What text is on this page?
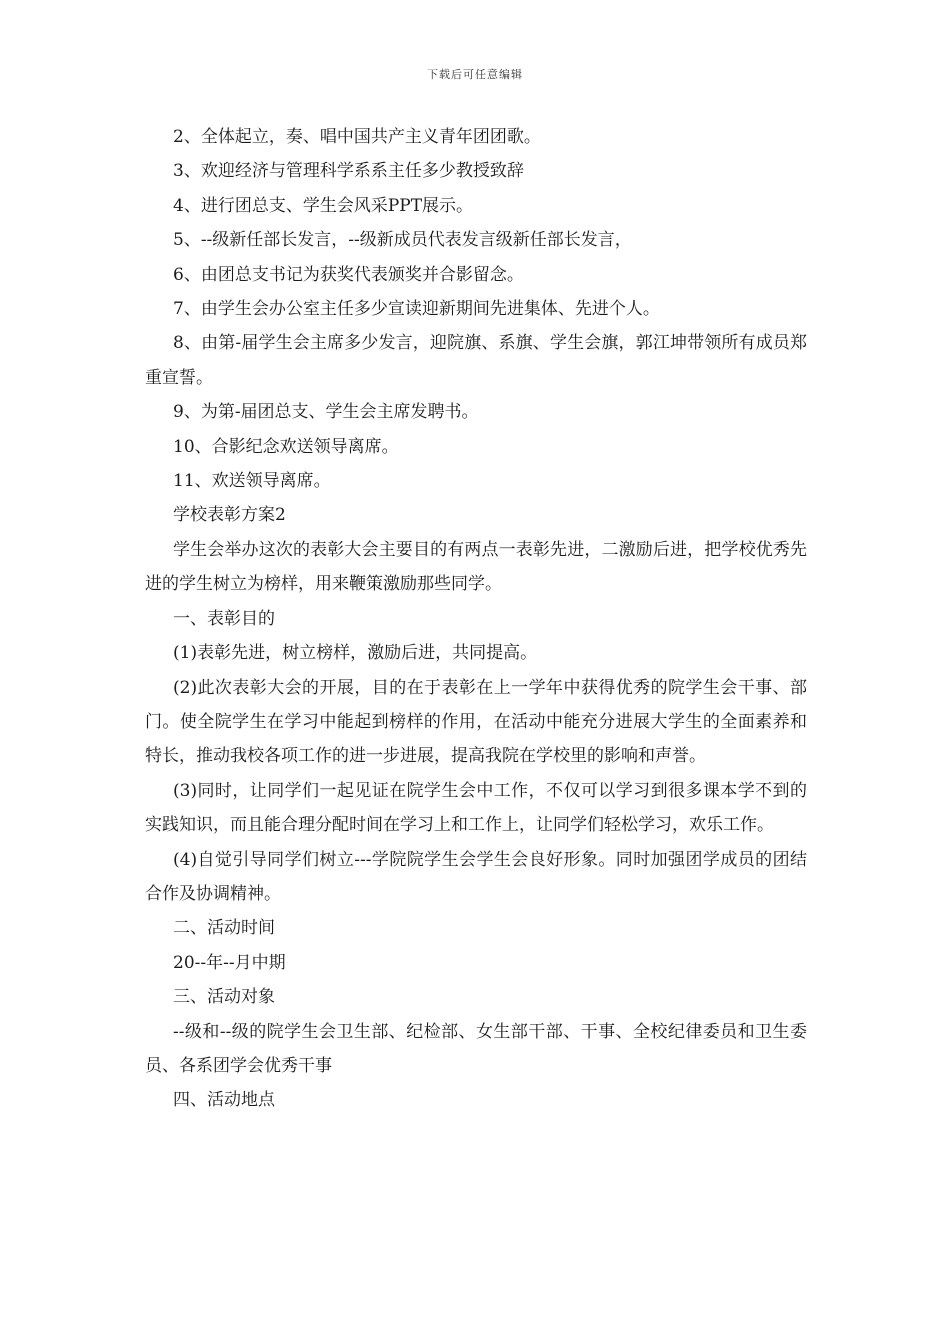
下载后可任意编辑

2、全体起立，奏、唱中国共产主义青年团团歌。

3、欢迎经济与管理科学系系主任多少教授致辞

4、进行团总支、学生会风采PPT展示。

5、--级新任部长发言，--级新成员代表发言级新任部长发言，

6、由团总支书记为获奖代表颁奖并合影留念。

7、由学生会办公室主任多少宣读迎新期间先进集体、先进个人。

8、由第-届学生会主席多少发言，迎院旗、系旗、学生会旗，郭江坤带领所有成员郑重宣誓。

9、为第-届团总支、学生会主席发聘书。

10、合影纪念欢送领导离席。

11、欢送领导离席。

学校表彰方案2

学生会举办这次的表彰大会主要目的有两点一表彰先进，二激励后进，把学校优秀先进的学生树立为榜样，用来鞭策激励那些同学。

一、表彰目的

(1)表彰先进，树立榜样，激励后进，共同提高。

(2)此次表彰大会的开展，目的在于表彰在上一学年中获得优秀的院学生会干事、部门。使全院学生在学习中能起到榜样的作用，在活动中能充分进展大学生的全面素养和特长，推动我校各项工作的进一步进展，提高我院在学校里的影响和声誉。

(3)同时，让同学们一起见证在院学生会中工作，不仅可以学习到很多课本学不到的实践知识，而且能合理分配时间在学习上和工作上，让同学们轻松学习，欢乐工作。

(4)自觉引导同学们树立---学院院学生会学生会良好形象。同时加强团学成员的团结合作及协调精神。

二、活动时间

20--年--月中期

三、活动对象

--级和--级的院学生会卫生部、纪检部、女生部干部、干事、全校纪律委员和卫生委员、各系团学会优秀干事

四、活动地点
